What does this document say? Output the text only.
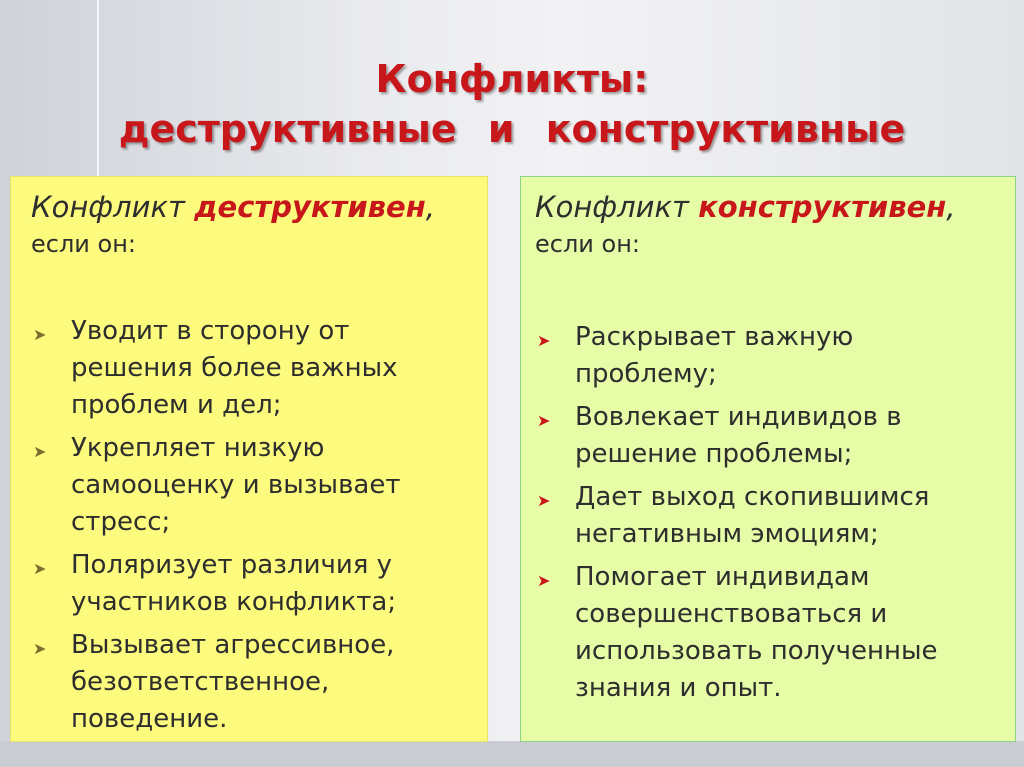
Конфликты:
деструктивные и конструктивные
Конфликт деструктивен,
если он:
➤ Уводит в сторону от решения более важных проблем и дел;
➤ Укрепляет низкую самооценку и вызывает стресс;
➤ Поляризует различия у участников конфликта;
➤ Вызывает агрессивное, безответственное, поведение.
Конфликт конструктивен,
если он:
➤ Раскрывает важную проблему;
➤ Вовлекает индивидов в решение проблемы;
➤ Дает выход скопившимся негативным эмоциям;
➤ Помогает индивидам совершенствоваться и использовать полученные знания и опыт.
